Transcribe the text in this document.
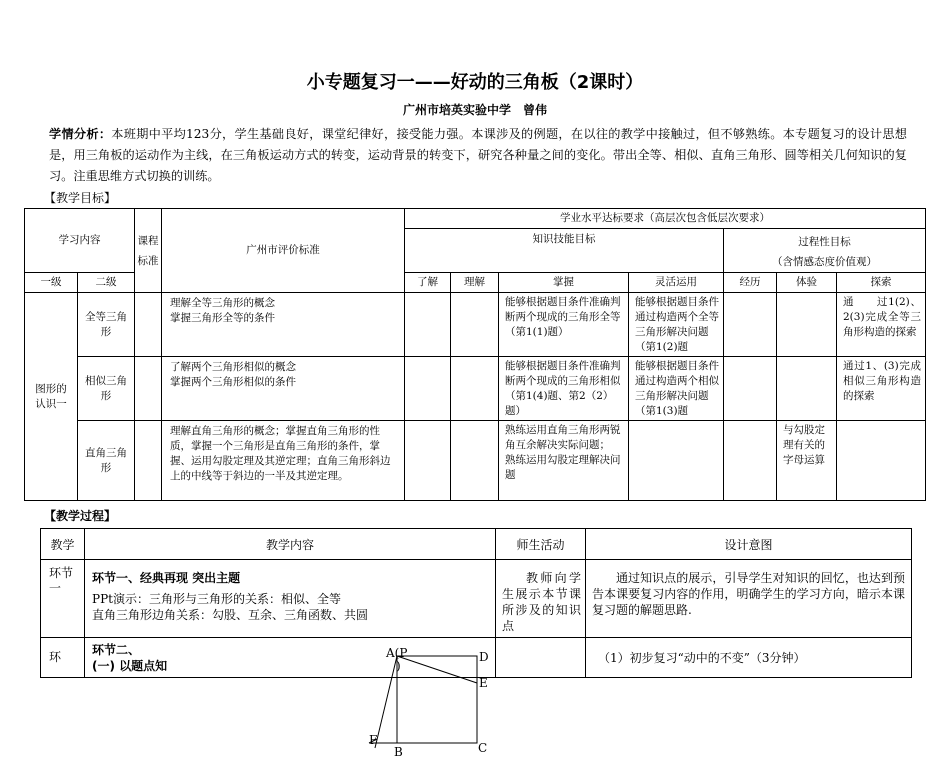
小专题复习一——好动的三角板（2课时）
广州市培英实验中学　曾伟
学情分析：本班期中平均123分，学生基础良好，课堂纪律好，接受能力强。本课涉及的例题，在以往的教学中接触过，但不够熟练。本专题复习的设计思想是，用三角板的运动作为主线，在三角板运动方式的转变，运动背景的转变下，研究各种量之间的变化。带出全等、相似、直角三角形、圆等相关几何知识的复习。注重思维方式切换的训练。
【教学目标】
学习内容		课程标准	广州市评价标准	学业水平达标要求（高层次包含低层次要求）						
				知识技能目标				过程性目标
（含情感态度价值观）		
一级	二级			了解	理解	掌握	灵活运用	经历	体验	探索
图形的认识一	全等三角形		理解全等三角形的概念
掌握三角形全等的条件			能够根据题目条件准确判断两个现成的三角形全等（第1(1)题）	能够根据题目条件通过构造两个全等三角形解决问题（第1(2)题			通　　过1(2)、2(3)完成全等三角形构造的探索
	相似三角形		了解两个三角形相似的概念
掌握两个三角形相似的条件			能够根据题目条件准确判断两个现成的三角形相似（第1(4)题、第2（2）题）	能够根据题目条件通过构造两个相似三角形解决问题（第1(3)题			通过1、(3)完成相似三角形构造的探索
	直角三角形		理解直角三角形的概念；掌握直角三角形的性质，掌握一个三角形是直角三角形的条件，掌握、运用勾股定理及其逆定理；直角三角形斜边上的中线等于斜边的一半及其逆定理。			熟练运用直角三角形两锐角互余解决实际问题；
熟练运用勾股定理解决问题			与勾股定理有关的字母运算	
【教学过程】
教学	教学内容	师生活动	设计意图
环节一	环节一、经典再现 突出主题
PPt演示：三角形与三角形的关系：相似、全等
直角三角形边角关系：勾股、互余、三角函数、共圆	教师向学生展示本节课所涉及的知识点	通过知识点的展示，引导学生对知识的回忆，也达到预告本课要复习内容的作用，明确学生的学习方向，暗示本课复习题的解题思路.
环	环节二、
(一) 以题点知		（1）初步复习“动中的不变”（3分钟）
A(P
)
D
E
F
B	C
